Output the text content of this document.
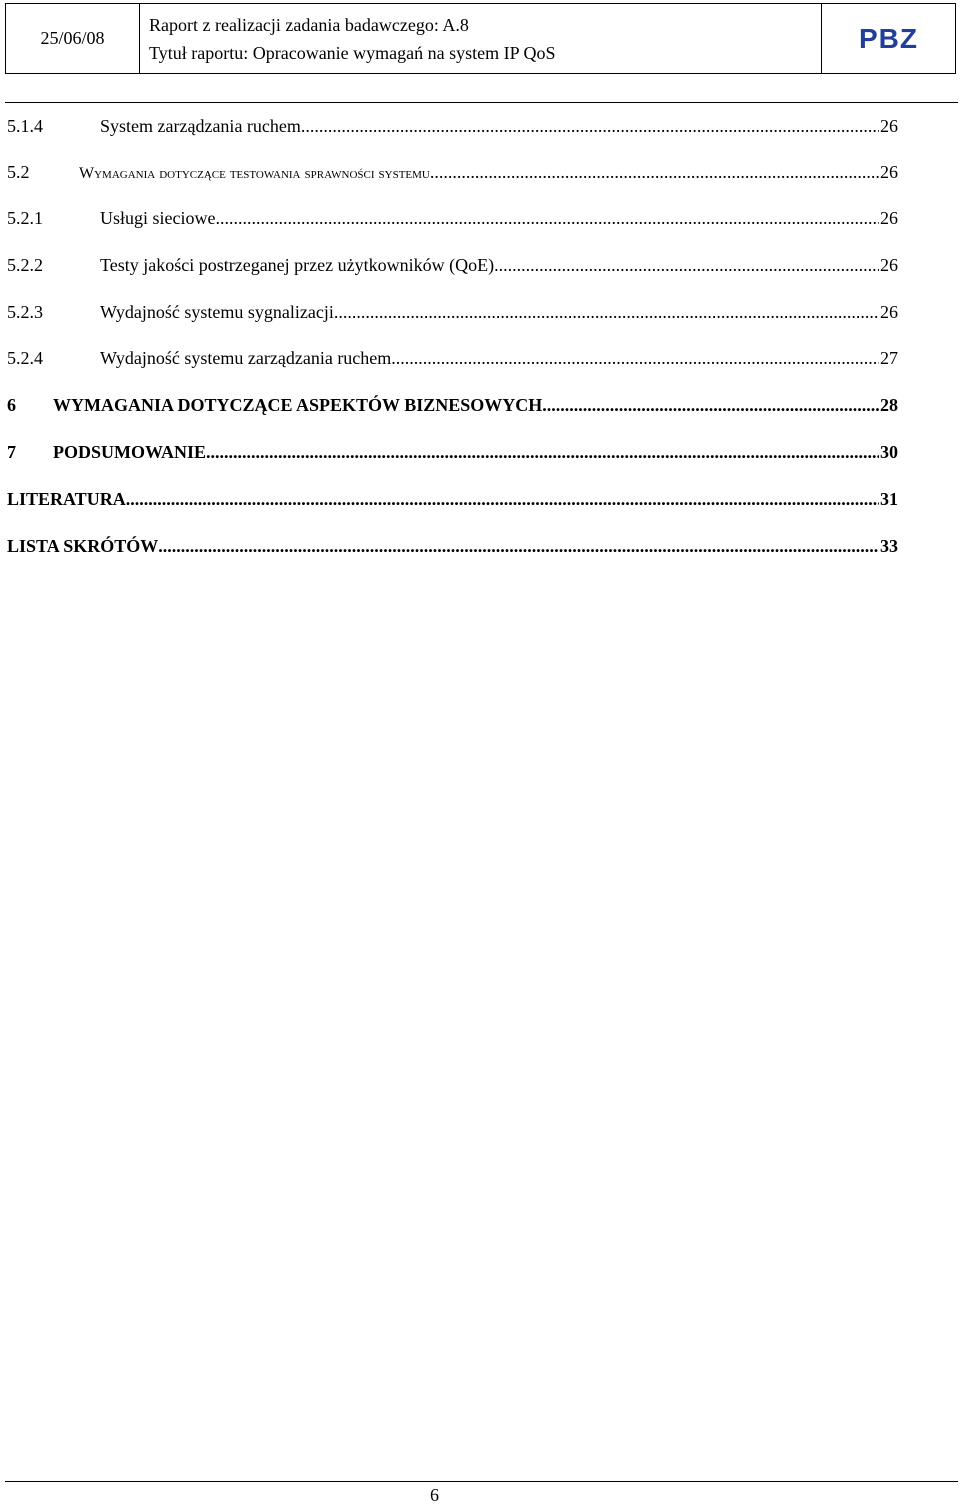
25/06/08	
Raport z realizacji zadania badawczego: A.8
Tytuł raportu: Opracowanie wymagań na system IP QoS	PBZ
5.1.4	System zarządzania ruchem .....	26
5.2	Wymagania dotyczące testowania sprawności systemu .....	26
5.2.1	Usługi sieciowe .....	26
5.2.2	Testy jakości postrzeganej przez użytkowników (QoE) .....	26
5.2.3	Wydajność systemu sygnalizacji .....	26
5.2.4	Wydajność systemu zarządzania ruchem .....	27
6	WYMAGANIA DOTYCZĄCE ASPEKTÓW BIZNESOWYCH .....	28
7	PODSUMOWANIE .....	30
LITERATURA .....	31
LISTA SKRÓTÓW .....	33
6
